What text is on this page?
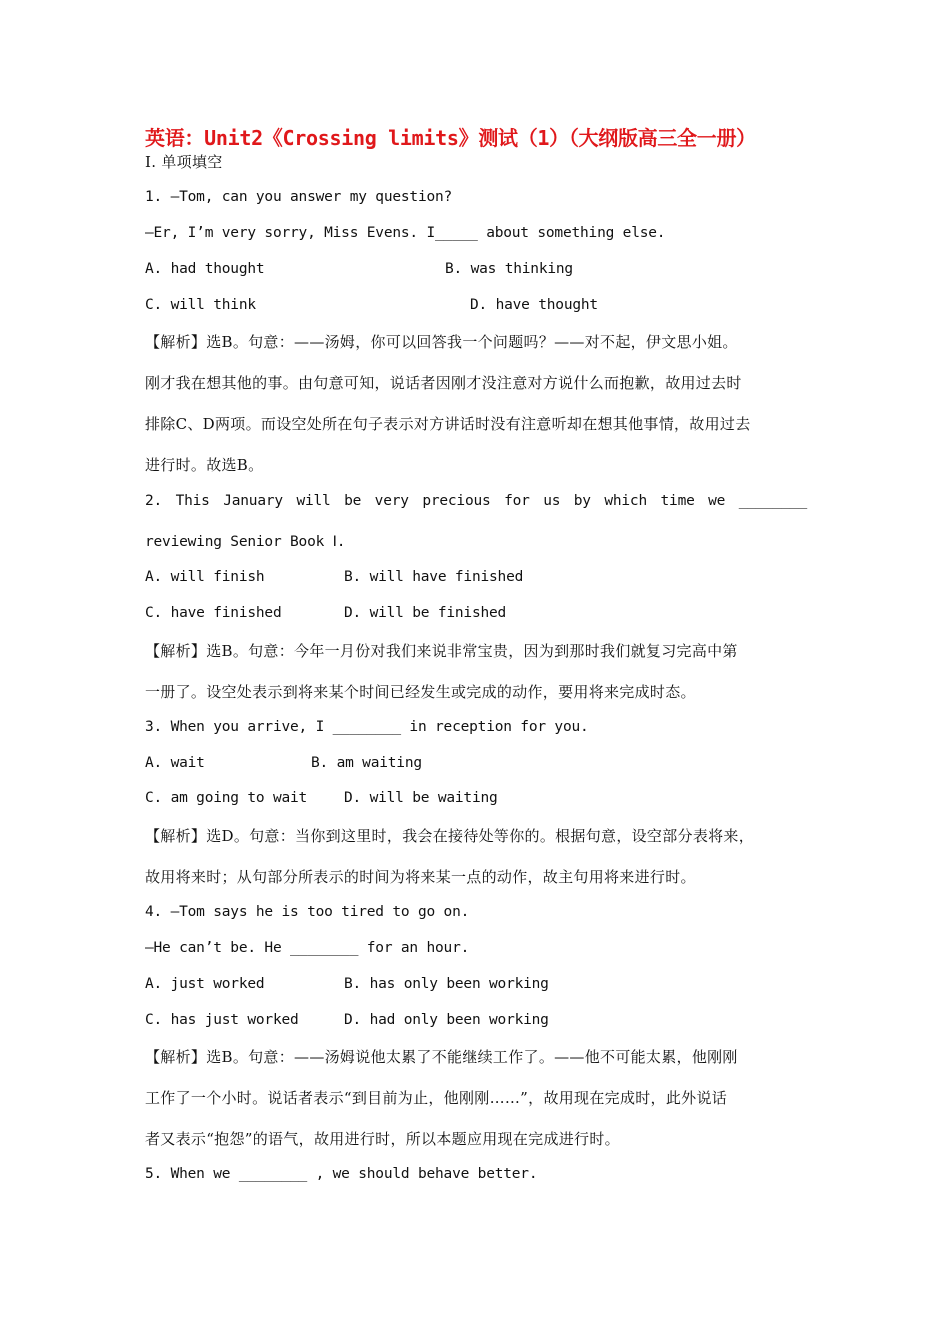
英语：Unit2《Crossing limits》测试（1）（大纲版高三全一册）
Ⅰ. 单项填空
1. —Tom, can you answer my question?
—Er, I’m very sorry, Miss Evens. I_____ about something else.
A. had thought	B. was thinking
C. will think	D. have thought
【解析】选B。句意：——汤姆，你可以回答我一个问题吗？——对不起，伊文思小姐。
刚才我在想其他的事。由句意可知，说话者因刚才没注意对方说什么而抱歉，故用过去时
排除C、D两项。而设空处所在句子表示对方讲话时没有注意听却在想其他事情，故用过去
进行时。故选B。
2. This January will be very precious for us by which time we ________
reviewing Senior Book Ⅰ.
A. will finish	B. will have finished
C. have finished	D. will be finished
【解析】选B。句意：今年一月份对我们来说非常宝贵，因为到那时我们就复习完高中第
一册了。设空处表示到将来某个时间已经发生或完成的动作，要用将来完成时态。
3. When you arrive, I ________ in reception for you.
A. wait	B. am waiting
C. am going to wait	D. will be waiting
【解析】选D。句意：当你到这里时，我会在接待处等你的。根据句意，设空部分表将来，
故用将来时；从句部分所表示的时间为将来某一点的动作，故主句用将来进行时。
4. —Tom says he is too tired to go on.
—He can’t be. He ________ for an hour.
A. just worked	B. has only been working
C. has just worked	D. had only been working
【解析】选B。句意：——汤姆说他太累了不能继续工作了。——他不可能太累，他刚刚
工作了一个小时。说话者表示“到目前为止，他刚刚……”，故用现在完成时，此外说话
者又表示“抱怨”的语气，故用进行时，所以本题应用现在完成进行时。
5. When we ________ , we should behave better.
